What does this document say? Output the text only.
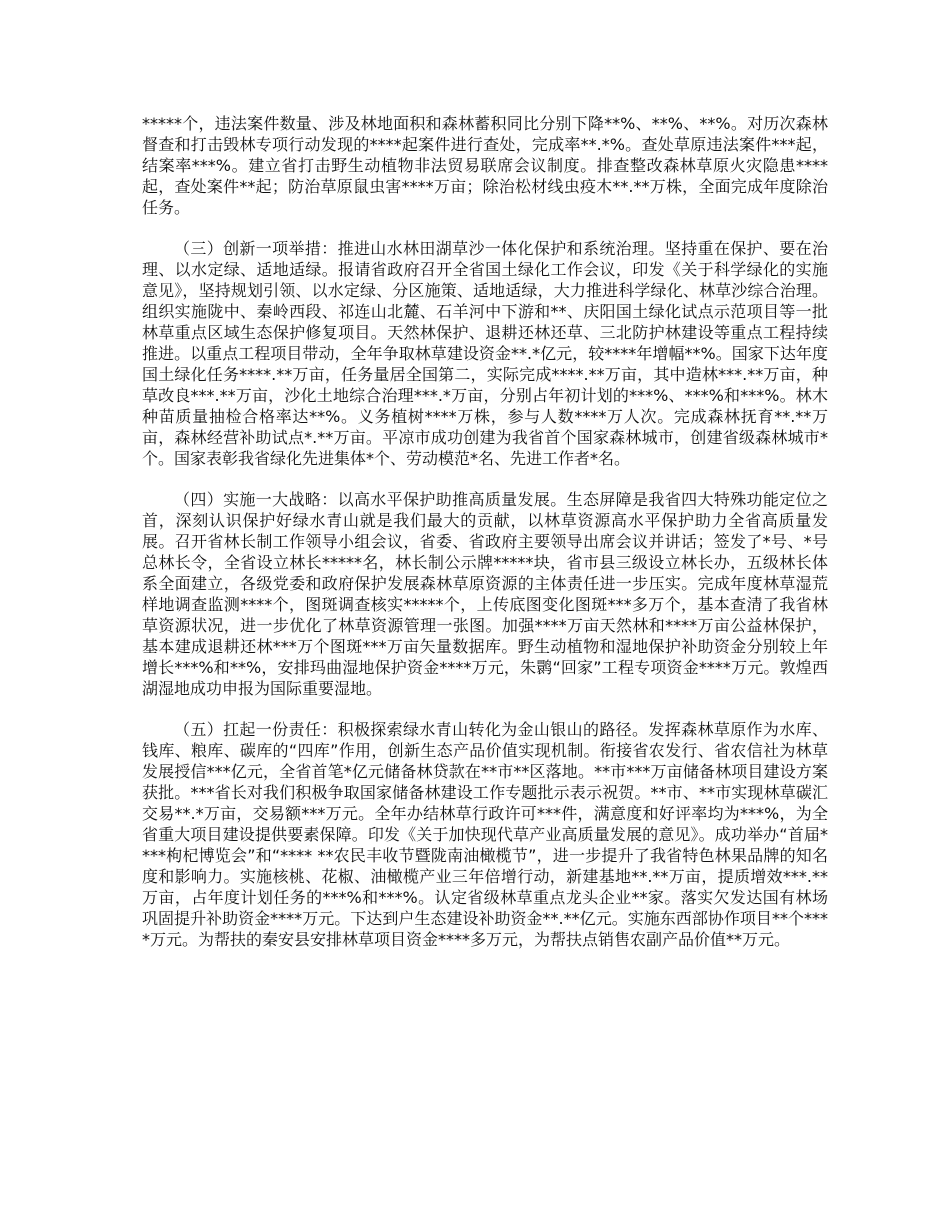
*****个，违法案件数量、涉及林地面积和森林蓄积同比分别下降**%、**%、**%。对历次森林督查和打击毁林专项行动发现的****起案件进行查处，完成率**.*%。查处草原违法案件***起，结案率***%。建立省打击野生动植物非法贸易联席会议制度。排查整改森林草原火灾隐患****起，查处案件**起；防治草原鼠虫害****万亩；除治松材线虫疫木**.**万株，全面完成年度除治任务。

（三）创新一项举措：推进山水林田湖草沙一体化保护和系统治理。坚持重在保护、要在治理、以水定绿、适地适绿。报请省政府召开全省国土绿化工作会议，印发《关于科学绿化的实施意见》，坚持规划引领、以水定绿、分区施策、适地适绿，大力推进科学绿化、林草沙综合治理。组织实施陇中、秦岭西段、祁连山北麓、石羊河中下游和**、庆阳国土绿化试点示范项目等一批林草重点区域生态保护修复项目。天然林保护、退耕还林还草、三北防护林建设等重点工程持续推进。以重点工程项目带动，全年争取林草建设资金**.*亿元，较****年增幅**%。国家下达年度国土绿化任务****.**万亩，任务量居全国第二，实际完成****.**万亩，其中造林***.**万亩，种草改良***.**万亩，沙化土地综合治理***.*万亩，分别占年初计划的***%、***%和***%。林木种苗质量抽检合格率达**%。义务植树****万株，参与人数****万人次。完成森林抚育**.**万亩，森林经营补助试点*.**万亩。平凉市成功创建为我省首个国家森林城市，创建省级森林城市*个。国家表彰我省绿化先进集体*个、劳动模范*名、先进工作者*名。

（四）实施一大战略：以高水平保护助推高质量发展。生态屏障是我省四大特殊功能定位之首，深刻认识保护好绿水青山就是我们最大的贡献，以林草资源高水平保护助力全省高质量发展。召开省林长制工作领导小组会议，省委、省政府主要领导出席会议并讲话；签发了*号、*号总林长令，全省设立林长*****名，林长制公示牌*****块，省市县三级设立林长办，五级林长体系全面建立，各级党委和政府保护发展森林草原资源的主体责任进一步压实。完成年度林草湿荒样地调查监测****个，图斑调查核实*****个，上传底图变化图斑***多万个，基本查清了我省林草资源状况，进一步优化了林草资源管理一张图。加强****万亩天然林和****万亩公益林保护，基本建成退耕还林***万个图斑***万亩矢量数据库。野生动植物和湿地保护补助资金分别较上年增长***%和**%，安排玛曲湿地保护资金****万元，朱鹮“回家”工程专项资金****万元。敦煌西湖湿地成功申报为国际重要湿地。

（五）扛起一份责任：积极探索绿水青山转化为金山银山的路径。发挥森林草原作为水库、钱库、粮库、碳库的“四库”作用，创新生态产品价值实现机制。衔接省农发行、省农信社为林草发展授信***亿元，全省首笔*亿元储备林贷款在**市**区落地。**市***万亩储备林项目建设方案获批。***省长对我们积极争取国家储备林建设工作专题批示表示祝贺。**市、**市实现林草碳汇交易**.*万亩，交易额***万元。全年办结林草行政许可***件，满意度和好评率均为***%，为全省重大项目建设提供要素保障。印发《关于加快现代草产业高质量发展的意见》。成功举办“首届****枸杞博览会”和“**** **农民丰收节暨陇南油橄榄节”，进一步提升了我省特色林果品牌的知名度和影响力。实施核桃、花椒、油橄榄产业三年倍增行动，新建基地**.**万亩，提质增效***.**万亩，占年度计划任务的***%和***%。认定省级林草重点龙头企业**家。落实欠发达国有林场巩固提升补助资金****万元。下达到户生态建设补助资金**.**亿元。实施东西部协作项目**个****万元。为帮扶的秦安县安排林草项目资金****多万元，为帮扶点销售农副产品价值**万元。
